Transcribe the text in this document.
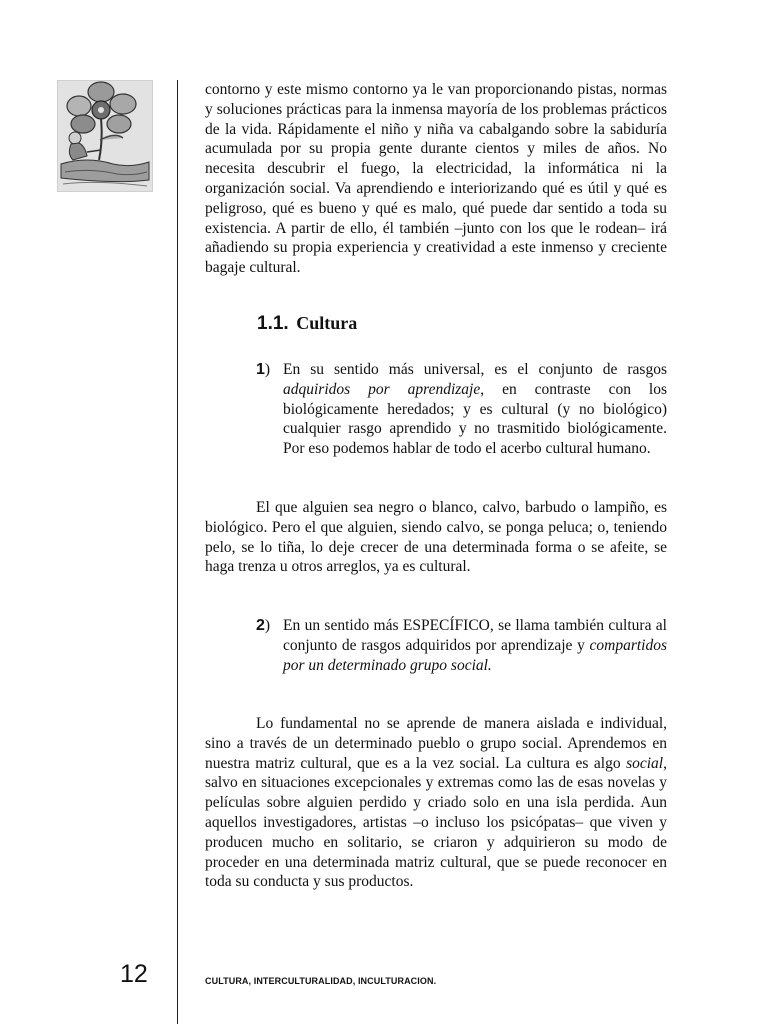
contorno y este mismo contorno ya le van proporcionando pistas, normas y soluciones prácticas para la inmensa mayoría de los problemas prácticos de la vida. Rápidamente el niño y niña va cabalgando sobre la sabiduría acumulada por su propia gente durante cientos y miles de años. No necesita descubrir el fuego, la electricidad, la informática ni la organización social. Va aprendiendo e interiorizando qué es útil y qué es peligroso, qué es bueno y qué es malo, qué puede dar sentido a toda su existencia. A partir de ello, él también –junto con los que le rodean– irá añadiendo su propia experiencia y creatividad a este inmenso y creciente bagaje cultural.

1.1. Cultura
1) En su sentido más universal, es el conjunto de rasgos adquiridos por aprendizaje, en contraste con los biológicamente heredados; y es cultural (y no biológico) cualquier rasgo aprendido y no trasmitido biológicamente. Por eso podemos hablar de todo el acerbo cultural humano.

El que alguien sea negro o blanco, calvo, barbudo o lampiño, es biológico. Pero el que alguien, siendo calvo, se ponga peluca; o, teniendo pelo, se lo tiña, lo deje crecer de una determinada forma o se afeite, se haga trenza u otros arreglos, ya es cultural.

2) En un sentido más ESPECÍFICO, se llama también cultura al conjunto de rasgos adquiridos por aprendizaje y compartidos por un determinado grupo social.

Lo fundamental no se aprende de manera aislada e individual, sino a través de un determinado pueblo o grupo social. Aprendemos en nuestra matriz cultural, que es a la vez social. La cultura es algo social, salvo en situaciones excepcionales y extremas como las de esas novelas y películas sobre alguien perdido y criado solo en una isla perdida. Aun aquellos investigadores, artistas –o incluso los psicópatas– que viven y producen mucho en solitario, se criaron y adquirieron su modo de proceder en una determinada matriz cultural, que se puede reconocer en toda su conducta y sus productos.

12	CULTURA, INTERCULTURALIDAD, INCULTURACION.
